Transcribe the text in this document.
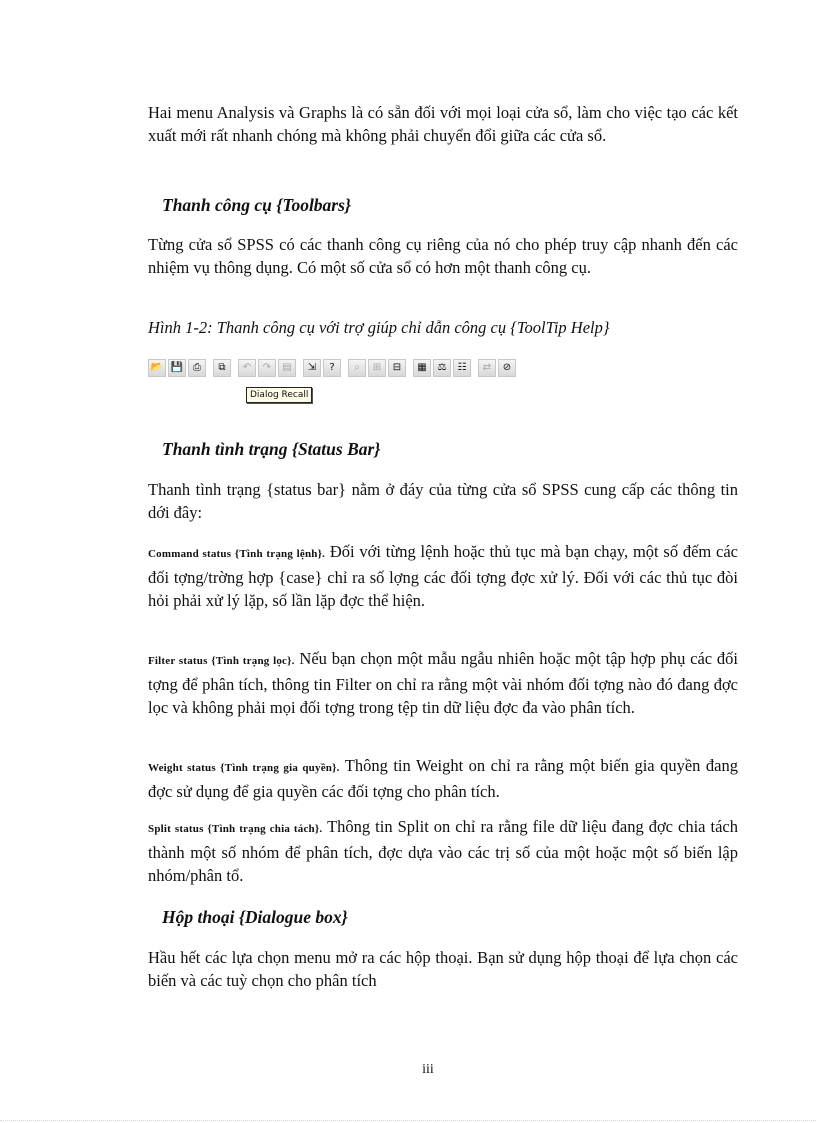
Hai menu Analysis và Graphs là có sẵn đối với mọi loại cửa sổ, làm cho việc tạo các kết xuất mới rất nhanh chóng mà không phải chuyển đổi giữa các cửa sổ.

Thanh công cụ {Toolbars}

Từng cửa sổ SPSS có các thanh công cụ riêng của nó cho phép truy cập nhanh đến các nhiệm vụ thông dụng. Có một số cửa sổ có hơn một thanh công cụ.

Hình 1-2: Thanh công cụ với trợ giúp chỉ dẫn công cụ {ToolTip Help}
📂 💾 ⎙	⧉	↶	↷	▤	⇲	?	⌕	⊞	⊟	▦	⚖	☷	⇄	⊘
Dialog Recall
Thanh tình trạng {Status Bar}

Thanh tình trạng {status bar} nằm ở đáy của từng cửa sổ SPSS cung cấp các thông tin dới đây:

Command status {Tình trạng lệnh}. Đối với từng lệnh hoặc thủ tục mà bạn chạy, một số đếm các đối tợng/trờng hợp {case} chỉ ra số lợng các đối tợng đợc xử lý. Đối với các thủ tục đòi hỏi phải xử lý lặp, số lần lặp đợc thể hiện.

Filter status {Tình trạng lọc}. Nếu bạn chọn một mẫu ngẫu nhiên hoặc một tập hợp phụ các đối tợng để phân tích, thông tin Filter on chỉ ra rằng một vài nhóm đối tợng nào đó đang đợc lọc và không phải mọi đối tợng trong tệp tin dữ liệu đợc đa vào phân tích.

Weight status {Tình trạng gia quyền}. Thông tin Weight on chỉ ra rằng một biến gia quyền đang đợc sử dụng để gia quyền các đối tợng cho phân tích.

Split status {Tình trạng chia tách}. Thông tin Split on chỉ ra rằng file dữ liệu đang đợc chia tách thành một số nhóm để phân tích, đợc dựa vào các trị số của một hoặc một số biến lập nhóm/phân tổ.

Hộp thoại {Dialogue box}

Hầu hết các lựa chọn menu mở ra các hộp thoại. Bạn sử dụng hộp thoại để lựa chọn các biến và các tuỳ chọn cho phân tích

iii
